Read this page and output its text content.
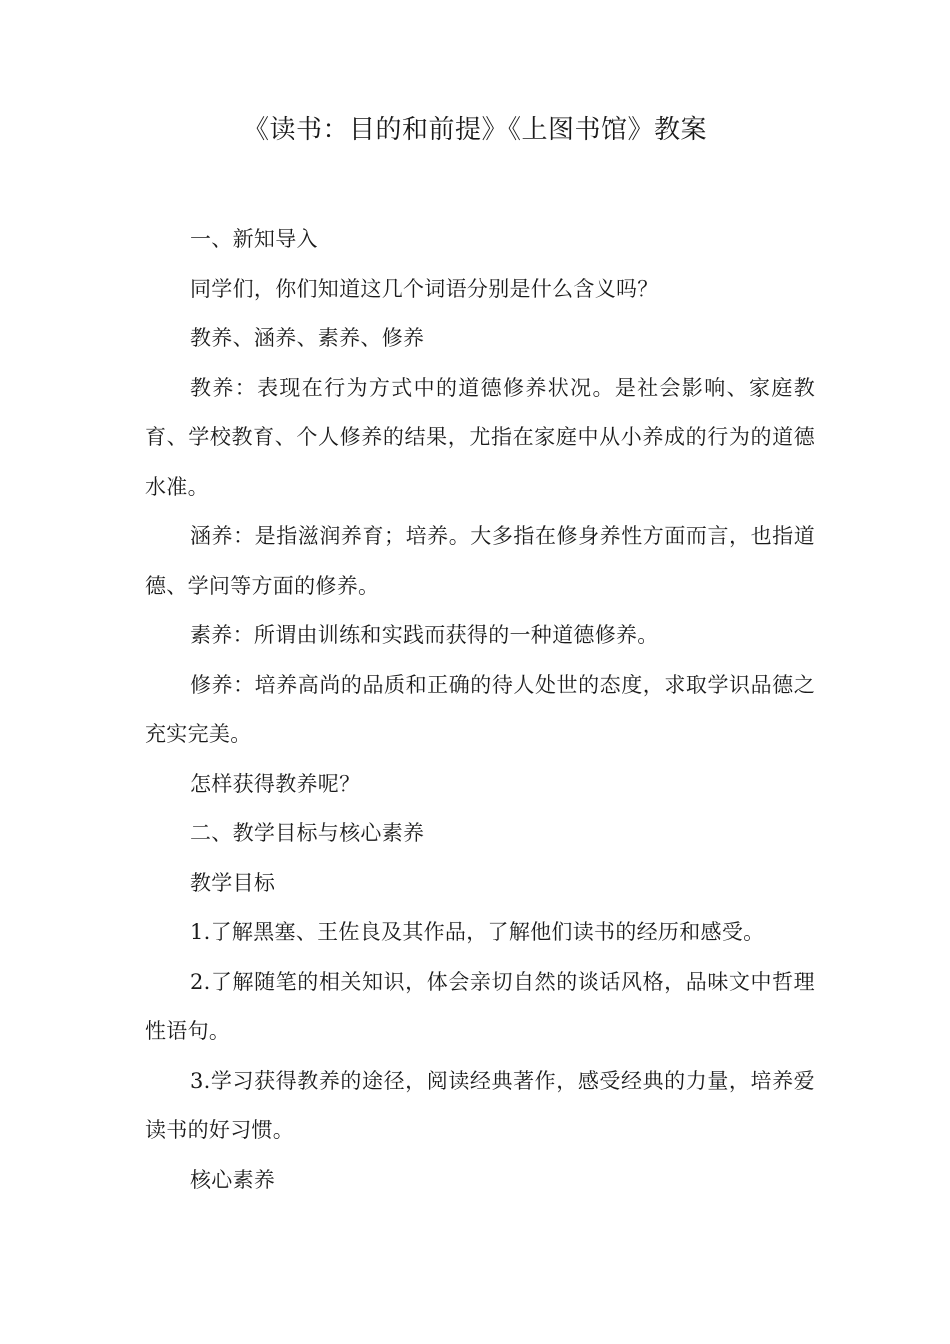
《读书：目的和前提》《上图书馆》教案

一、新知导入

同学们，你们知道这几个词语分别是什么含义吗？

教养、涵养、素养、修养

教养：表现在行为方式中的道德修养状况。是社会影响、家庭教育、学校教育、个人修养的结果，尤指在家庭中从小养成的行为的道德水准。

涵养：是指滋润养育；培养。大多指在修身养性方面而言，也指道德、学问等方面的修养。

素养：所谓由训练和实践而获得的一种道德修养。

修养：培养高尚的品质和正确的待人处世的态度，求取学识品德之充实完美。

怎样获得教养呢？

二、教学目标与核心素养

教学目标

1.了解黑塞、王佐良及其作品，了解他们读书的经历和感受。

2.了解随笔的相关知识，体会亲切自然的谈话风格，品味文中哲理性语句。

3.学习获得教养的途径，阅读经典著作，感受经典的力量，培养爱读书的好习惯。

核心素养
